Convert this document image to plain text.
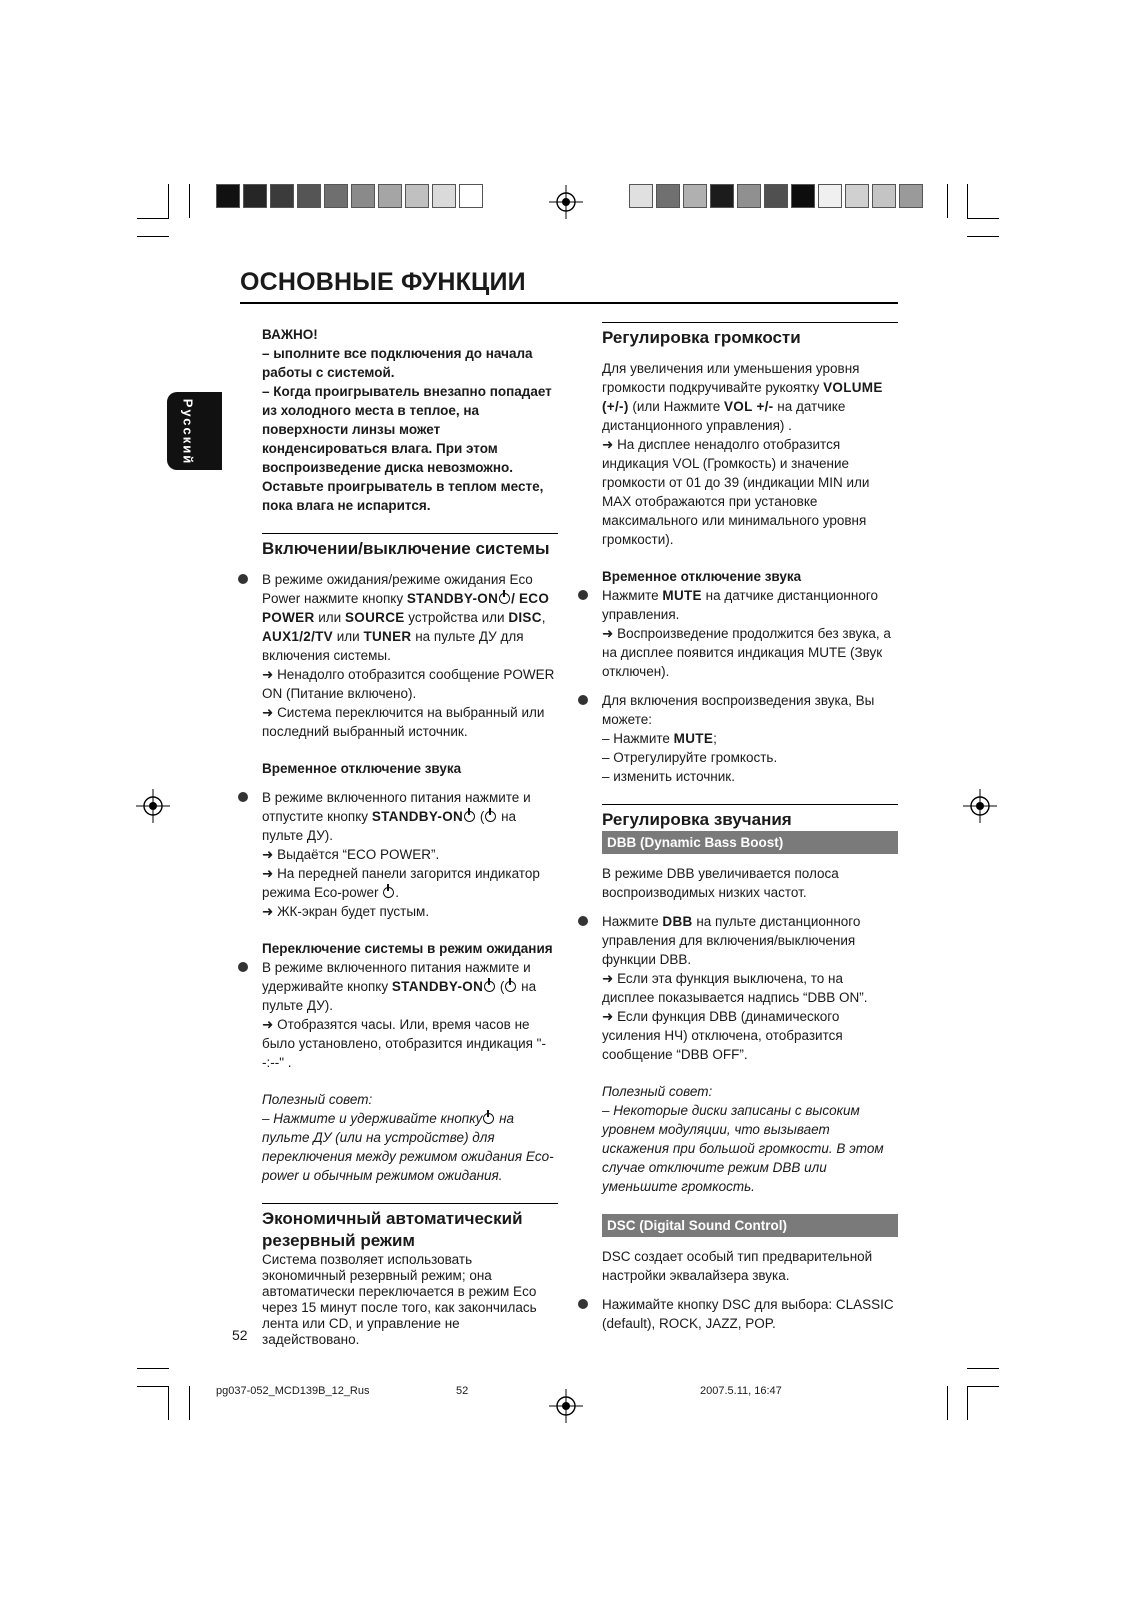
ОСНОВНЫЕ ФУНКЦИИ
Русский
ВАЖНО!
– ыполните все подключения до начала работы с системой.
– Когда проигрыватель внезапно попадает из холодного места в теплое, на поверхности линзы может конденсироваться влага. При этом воспроизведение диска невозможно. Оставьте проигрыватель в теплом месте, пока влага не испарится.
Включении/выключение системы
В режиме ожидания/режиме ожидания Eco Power нажмите кнопку STANDBY-ON / ECO POWER или SOURCE устройства или DISC, AUX1/2/TV или TUNER на пульте ДУ для включения системы.
➜ Ненадолго отобразится сообщение POWER ON (Питание включено).
➜ Система переключится на выбранный или последний выбранный источник.
Временное отключение звука
В режиме включенного питания нажмите и отпустите кнопку STANDBY-ON ( на пульте ДУ).
➜ Выдаётся “ECO POWER”.
➜ На передней панели загорится индикатор режима Eco-power .
➜ ЖК-экран будет пустым.
Переключение системы в режим ожидания
В режиме включенного питания нажмите и удерживайте кнопку STANDBY-ON ( на пульте ДУ).
➜ Отобразятся часы. Или, время часов не было установлено, отобразится индикация "--:--" .
Полезный совет:
– Нажмите и удерживайте кнопку на пульте ДУ (или на устройстве) для переключения между режимом ожидания Eco-power и обычным режимом ожидания.
Экономичный автоматический резервный режим
Система позволяет использовать экономичный резервный режим; она автоматически переключается в режим Eco через 15 минут после того, как закончилась лента или CD, и управление не задействовано.
Регулировка громкости
Для увеличения или уменьшения уровня громкости подкручивайте рукоятку VOLUME (+/-) (или Нажмите VOL +/- на датчике дистанционного управления) .
➜ На дисплее ненадолго отобразится индикация VOL (Громкость) и значение громкости от 01 до 39 (индикации MIN или MAX отображаются при установке максимального или минимального уровня громкости).
Временное отключение звука
Нажмите MUTE на датчике дистанционного управления.
➜ Воспроизведение продолжится без звука, а на дисплее появится индикация MUTE (Звук отключен).
Для включения воспроизведения звука, Вы можете:
– Нажмите MUTE;
– Отрегулируйте громкость.
– изменить источник.
Регулировка звучания
DBB (Dynamic Bass Boost)
В режиме DBB увеличивается полоса воспроизводимых низких частот.
Нажмите DBB на пульте дистанционного управления для включения/выключения функции DBB.
➜ Если эта функция выключена, то на дисплее показывается надпись “DBB ON”.
➜ Если функция DBB (динамического усиления НЧ) отключена, отобразится сообщение “DBB OFF”.
Полезный совет:
– Некоторые диски записаны с высоким уровнем модуляции, что вызывает искажения при большой громкости. В этом случае отключите режим DBB или уменьшите громкость.
DSC (Digital Sound Control)
DSC создает особый тип предварительной настройки эквалайзера звука.
Нажимайте кнопку DSC для выбора: CLASSIC (default), ROCK, JAZZ, POP.
52
pg037-052_MCD139B_12_Rus	52	2007.5.11, 16:47
